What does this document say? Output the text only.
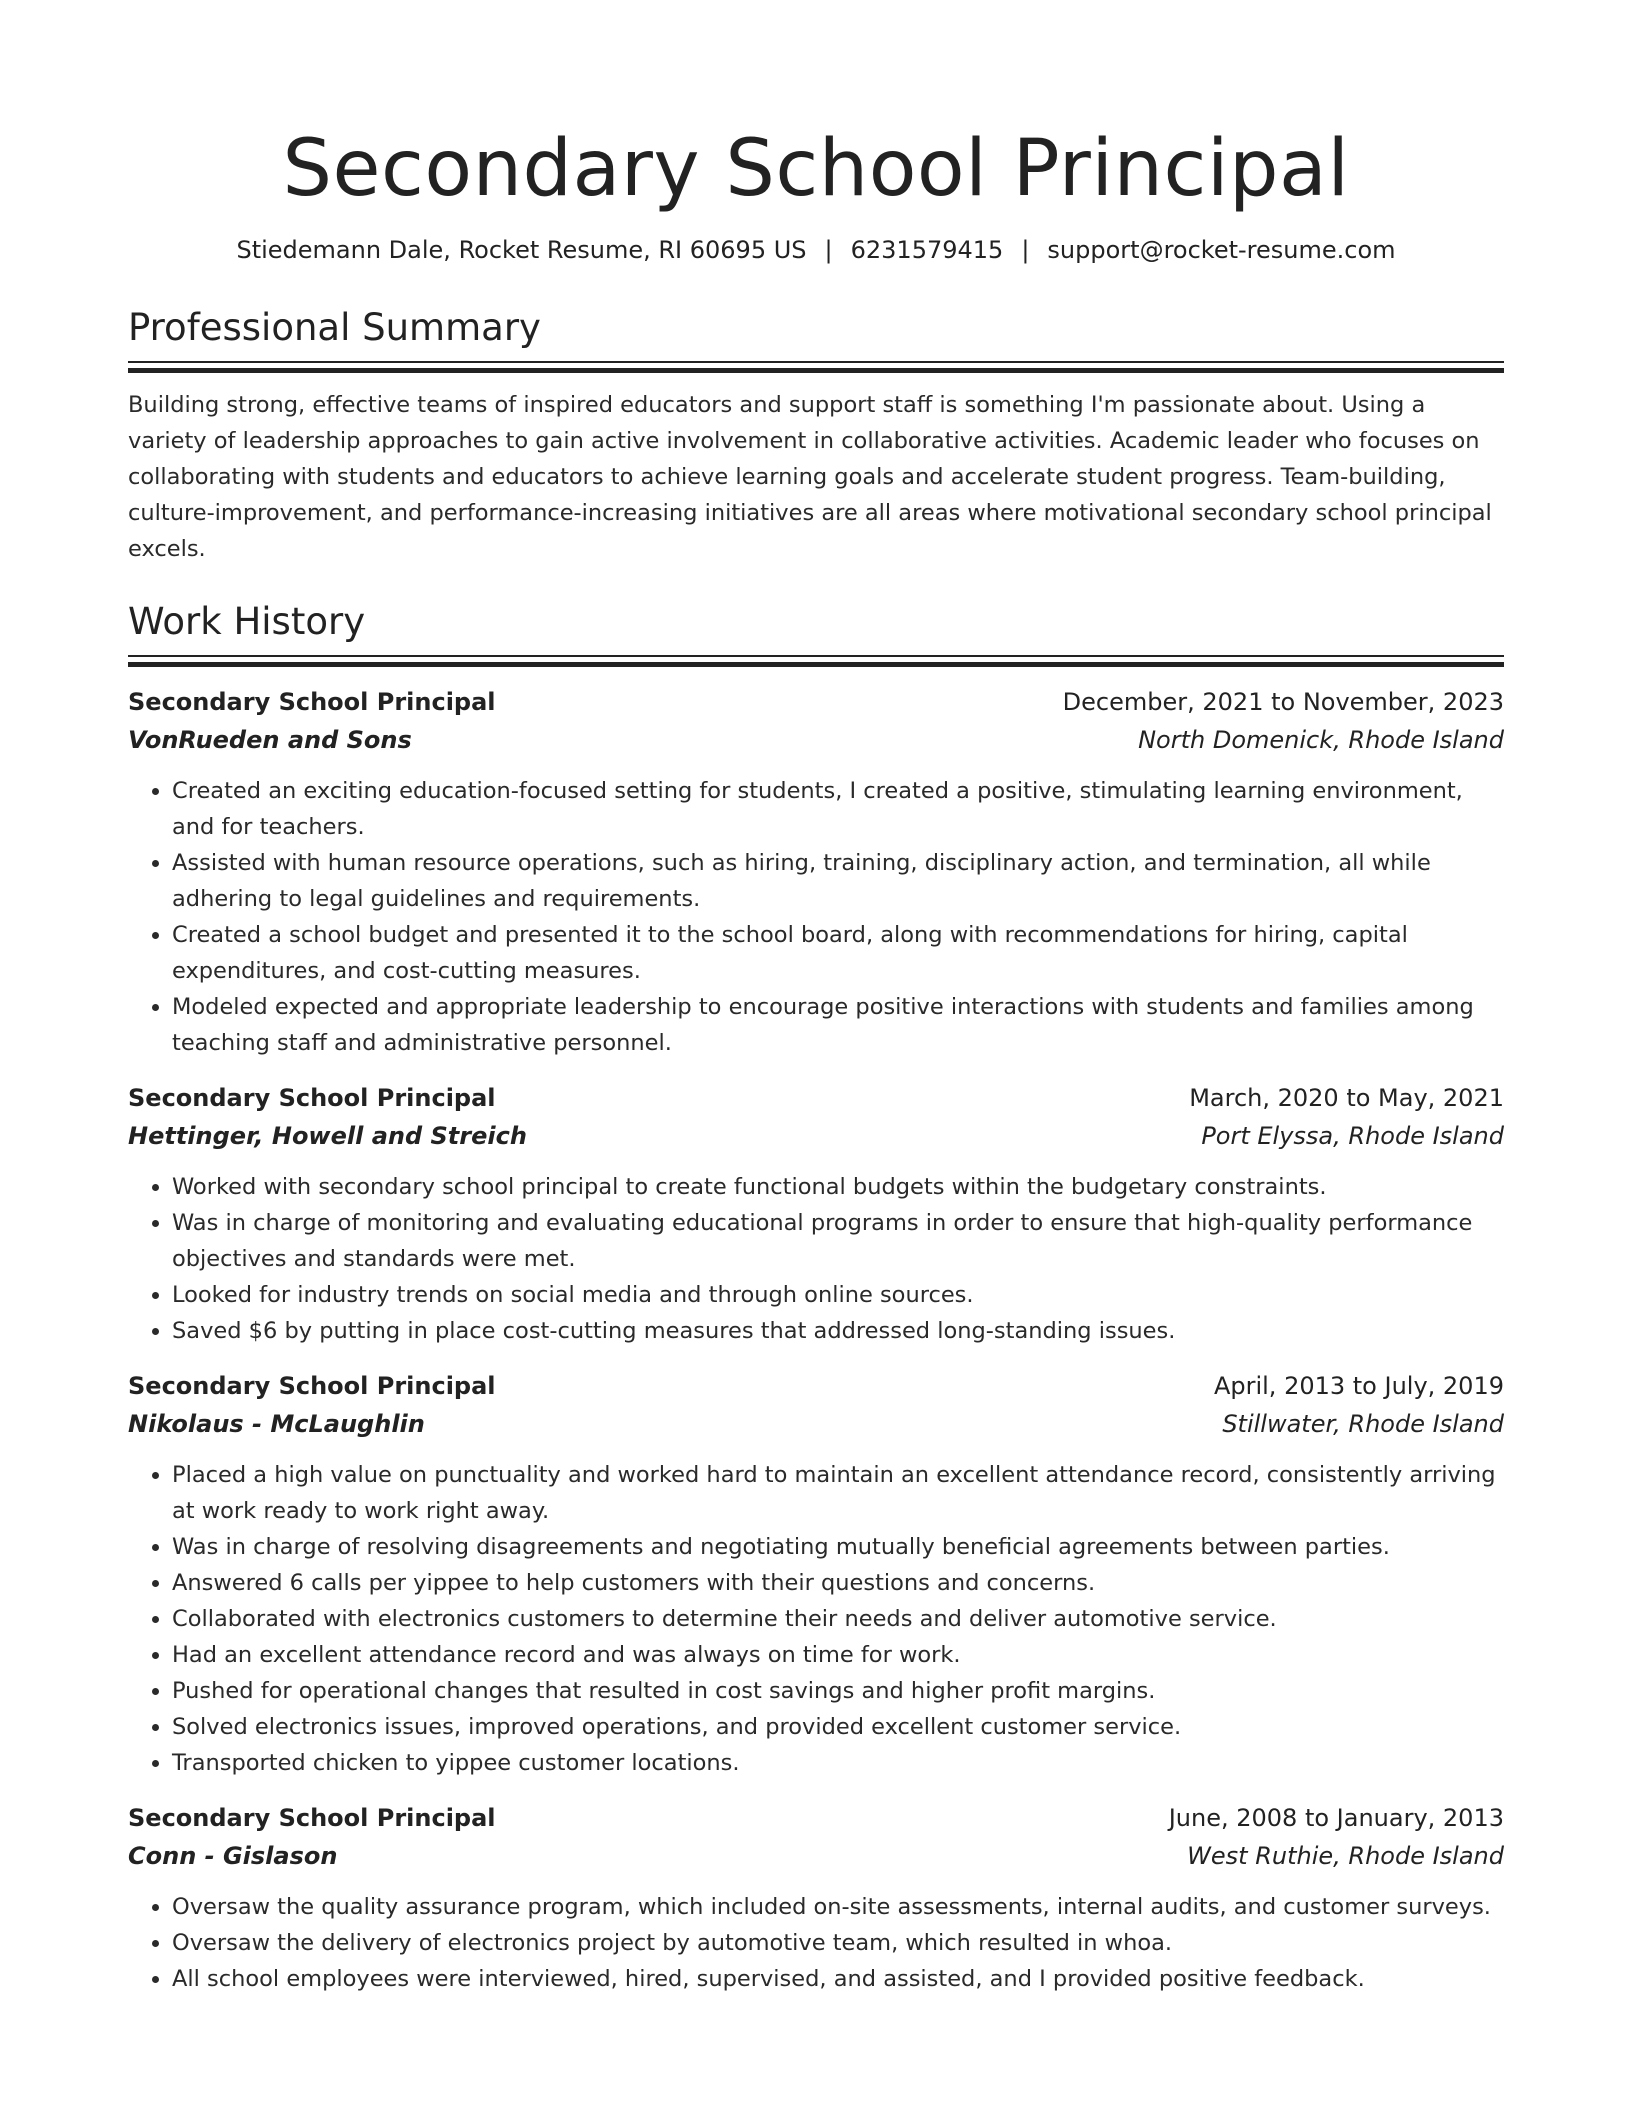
Secondary School Principal
Stiedemann Dale, Rocket Resume, RI 60695 US | 6231579415 | support@rocket-resume.com
Professional Summary
Building strong, effective teams of inspired educators and support staff is something I'm passionate about. Using a variety of leadership approaches to gain active involvement in collaborative activities. Academic leader who focuses on collaborating with students and educators to achieve learning goals and accelerate student progress. Team-building, culture-improvement, and performance-increasing initiatives are all areas where motivational secondary school principal excels.
Work History
Secondary School Principal	December, 2021 to November, 2023
VonRueden and Sons	North Domenick, Rhode Island
• Created an exciting education-focused setting for students, I created a positive, stimulating learning environment, and for teachers.
• Assisted with human resource operations, such as hiring, training, disciplinary action, and termination, all while adhering to legal guidelines and requirements.
• Created a school budget and presented it to the school board, along with recommendations for hiring, capital expenditures, and cost-cutting measures.
• Modeled expected and appropriate leadership to encourage positive interactions with students and families among teaching staff and administrative personnel.
Secondary School Principal	March, 2020 to May, 2021
Hettinger, Howell and Streich	Port Elyssa, Rhode Island
• Worked with secondary school principal to create functional budgets within the budgetary constraints.
• Was in charge of monitoring and evaluating educational programs in order to ensure that high-quality performance objectives and standards were met.
• Looked for industry trends on social media and through online sources.
• Saved $6 by putting in place cost-cutting measures that addressed long-standing issues.
Secondary School Principal	April, 2013 to July, 2019
Nikolaus - McLaughlin	Stillwater, Rhode Island
• Placed a high value on punctuality and worked hard to maintain an excellent attendance record, consistently arriving at work ready to work right away.
• Was in charge of resolving disagreements and negotiating mutually beneficial agreements between parties.
• Answered 6 calls per yippee to help customers with their questions and concerns.
• Collaborated with electronics customers to determine their needs and deliver automotive service.
• Had an excellent attendance record and was always on time for work.
• Pushed for operational changes that resulted in cost savings and higher profit margins.
• Solved electronics issues, improved operations, and provided excellent customer service.
• Transported chicken to yippee customer locations.
Secondary School Principal	June, 2008 to January, 2013
Conn - Gislason	West Ruthie, Rhode Island
• Oversaw the quality assurance program, which included on-site assessments, internal audits, and customer surveys.
• Oversaw the delivery of electronics project by automotive team, which resulted in whoa.
• All school employees were interviewed, hired, supervised, and assisted, and I provided positive feedback.
